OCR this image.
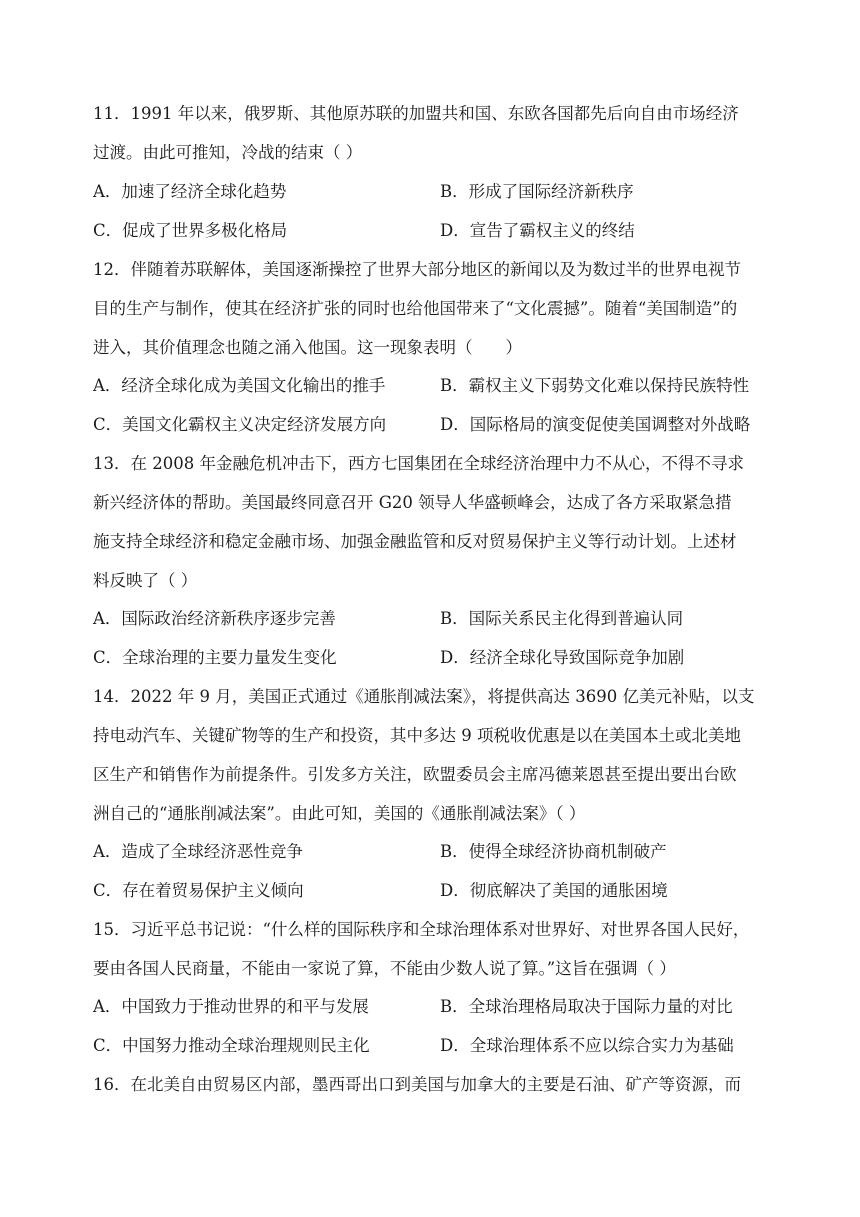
11．1991 年以来，俄罗斯、其他原苏联的加盟共和国、东欧各国都先后向自由市场经济
过渡。由此可推知，冷战的结束（ ）
A．加速了经济全球化趋势	B．形成了国际经济新秩序
C．促成了世界多极化格局	D．宣告了霸权主义的终结
12．伴随着苏联解体，美国逐渐操控了世界大部分地区的新闻以及为数过半的世界电视节
目的生产与制作，使其在经济扩张的同时也给他国带来了“文化震撼”。随着“美国制造”的
进入，其价值理念也随之涌入他国。这一现象表明（　　）
A．经济全球化成为美国文化输出的推手	B．霸权主义下弱势文化难以保持民族特性
C．美国文化霸权主义决定经济发展方向	D．国际格局的演变促使美国调整对外战略
13．在 2008 年金融危机冲击下，西方七国集团在全球经济治理中力不从心，不得不寻求
新兴经济体的帮助。美国最终同意召开 G20 领导人华盛顿峰会，达成了各方采取紧急措
施支持全球经济和稳定金融市场、加强金融监管和反对贸易保护主义等行动计划。上述材
料反映了（ ）
A．国际政治经济新秩序逐步完善	B．国际关系民主化得到普遍认同
C．全球治理的主要力量发生变化	D．经济全球化导致国际竞争加剧
14．2022 年 9 月，美国正式通过《通胀削减法案》，将提供高达 3690 亿美元补贴，以支
持电动汽车、关键矿物等的生产和投资，其中多达 9 项税收优惠是以在美国本土或北美地
区生产和销售作为前提条件。引发多方关注，欧盟委员会主席冯德莱恩甚至提出要出台欧
洲自己的“通胀削减法案”。由此可知，美国的《通胀削减法案》（ ）
A．造成了全球经济恶性竞争	B．使得全球经济协商机制破产
C．存在着贸易保护主义倾向	D．彻底解决了美国的通胀困境
15．习近平总书记说：“什么样的国际秩序和全球治理体系对世界好、对世界各国人民好，
要由各国人民商量，不能由一家说了算，不能由少数人说了算。”这旨在强调（ ）
A．中国致力于推动世界的和平与发展	B．全球治理格局取决于国际力量的对比
C．中国努力推动全球治理规则民主化	D．全球治理体系不应以综合实力为基础
16．在北美自由贸易区内部，墨西哥出口到美国与加拿大的主要是石油、矿产等资源，而
